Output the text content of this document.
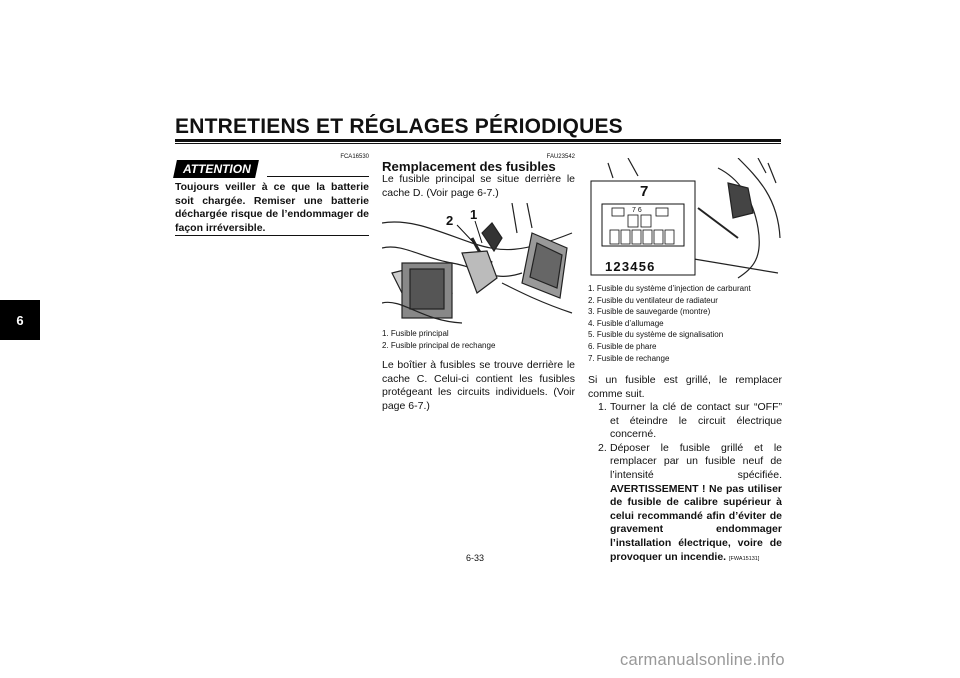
ENTRETIENS ET RÉGLAGES PÉRIODIQUES
6
FCA16530
ATTENTION
Toujours veiller à ce que la batterie soit chargée. Remiser une batterie déchargée risque de l’endommager de façon irréversible.
FAU23542
Remplacement des fusibles
Le fusible principal se situe derrière le cache D. (Voir page 6-7.)
2 1
1. Fusible principal
2. Fusible principal de rechange
Le boîtier à fusibles se trouve derrière le cache C. Celui-ci contient les fusibles protégeant les circuits individuels. (Voir page 6-7.)
7
123456
7 6
1. Fusible du système d’injection de carburant
2. Fusible du ventilateur de radiateur
3. Fusible de sauvegarde (montre)
4. Fusible d’allumage
5. Fusible du système de signalisation
6. Fusible de phare
7. Fusible de rechange
Si un fusible est grillé, le remplacer comme suit.
1. Tourner la clé de contact sur “OFF” et éteindre le circuit électrique concerné.
2. Déposer le fusible grillé et le remplacer par un fusible neuf de l’intensité spécifiée. AVERTISSEMENT ! Ne pas utiliser de fusible de calibre supérieur à celui recommandé afin d’éviter de gravement endommager l’installation électrique, voire de provoquer un incendie. [FWA15131]
6-33
carmanualsonline.info
